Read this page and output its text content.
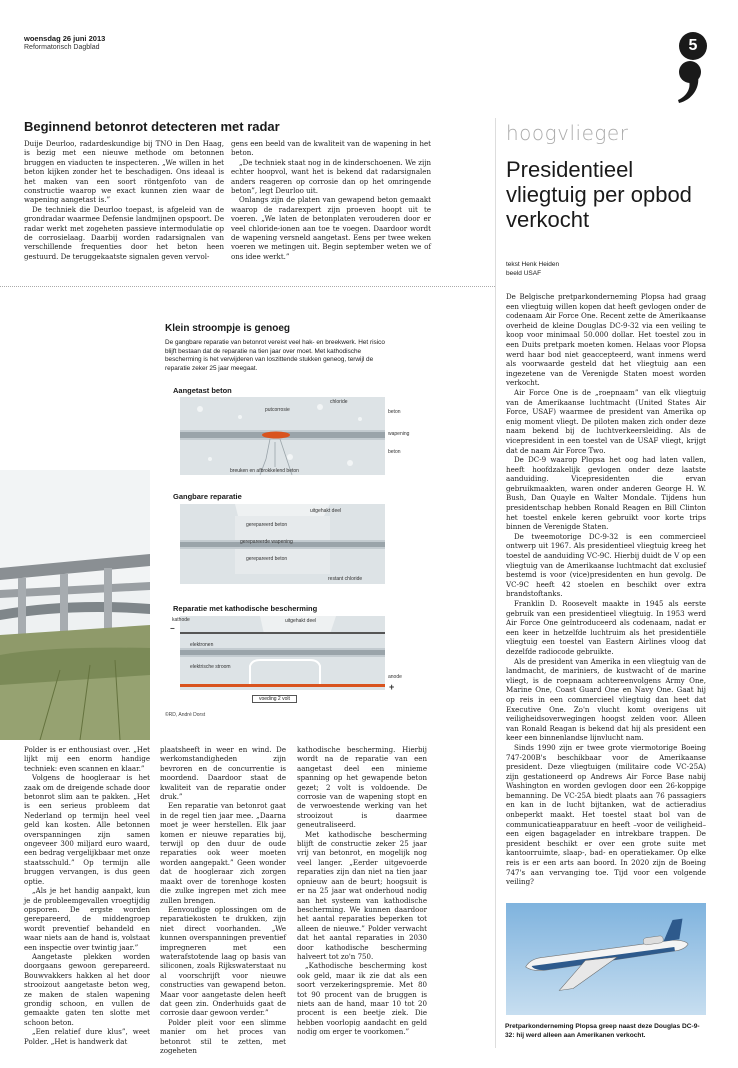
woensdag 26 juni 2013
Reformatorisch Dagblad	5
Beginnend betonrot detecteren met radar

Duije Deurloo, radardeskundige bij TNO in Den Haag, is bezig met een nieuwe methode om betonnen bruggen en viaducten te inspecteren. „We willen in het beton kijken zonder het te beschadigen. Ons ideaal is het maken van een soort röntgenfoto van de constructie waarop we exact kunnen zien waar de wapening aangetast is.”

De techniek die Deurloo toepast, is afgeleid van de grondradar waarmee Defensie landmijnen opspoort. De radar werkt met zogeheten passieve intermodulatie op de corrosielaag. Daarbij worden radarsignalen van verschillende frequenties door het beton heen gestuurd. De teruggekaatste signalen geven vervol-

gens een beeld van de kwaliteit van de wapening in het beton.

„De techniek staat nog in de kinderschoenen. We zijn echter hoopvol, want het is bekend dat radarsignalen anders reageren op corrosie dan op het omringende beton”, legt Deurloo uit.

Onlangs zijn de platen van gewapend beton gemaakt waarop de radarexpert zijn proeven hoopt uit te voeren. „We laten de betonplaten verouderen door er veel chloride-ionen aan toe te voegen. Daardoor wordt de wapening versneld aangetast. Eens per twee weken voeren we metingen uit. Begin september weten we of ons idee werkt.”

hoogvlieger
Presidentieel vliegtuig per opbod verkocht
tekst Henk Heiden
beeld USAF

De Belgische pretparkonderneming Plopsa had graag een vliegtuig willen kopen dat heeft gevlogen onder de codenaam Air Force One. Recent zette de Amerikaanse overheid de kleine Douglas DC-9-32 via een veiling te koop voor minimaal 50.000 dollar. Het toestel zou in een Duits pretpark moeten komen. Helaas voor Plopsa werd haar bod niet geaccepteerd, want inmens werd als voorwaarde gesteld dat het vliegtuig aan een ingezetene van de Verenigde Staten moest worden verkocht.

Air Force One is de „roepnaam” van elk vliegtuig van de Amerikaanse luchtmacht (United States Air Force, USAF) waarmee de president van Amerika op enig moment vliegt. De piloten maken zich onder deze naam bekend bij de luchtverkeersleiding. Als de vicepresident in een toestel van de USAF vliegt, krijgt dat de naam Air Force Two.

De DC-9 waarop Plopsa het oog had laten vallen, heeft hoofdzakelijk gevlogen onder deze laatste aanduiding. Vicepresidenten die ervan gebruikmaakten, waren onder anderen George H. W. Bush, Dan Quayle en Walter Mondale. Tijdens hun presidentschap hebben Ronald Reagen en Bill Clinton het toestel enkele keren gebruikt voor korte trips binnen de Verenigde Staten.

De tweemotorige DC-9-32 is een commercieel ontwerp uit 1967. Als presidentieel vliegtuig kreeg het toestel de aanduiding VC-9C. Hierbij duidt de V op een vliegtuig van de Amerikaanse luchtmacht dat exclusief bestemd is voor (vice)presidenten en hun gevolg. De VC-9C heeft 42 stoelen en beschikt over extra brandstoftanks.

Franklin D. Roosevelt maakte in 1945 als eerste gebruik van een presidentieel vliegtuig. In 1953 werd Air Force One geïntroduceerd als codenaam, nadat er een keer in hetzelfde luchtruim als het presidentiële vliegtuig een toestel van Eastern Airlines vloog dat dezelfde radiocode gebruikte.

Als de president van Amerika in een vliegtuig van de landmacht, de mariniers, de kustwacht of de marine vliegt, is de roepnaam achtereenvolgens Army One, Marine One, Coast Guard One en Navy One. Gaat hij op reis in een commercieel vliegtuig dan heet dat Executive One. Zo'n vlucht komt overigens uit veiligheidsoverwegingen hoogst zelden voor. Alleen van Ronald Reagan is bekend dat hij als president een keer een binnenlandse lijnvlucht nam.

Sinds 1990 zijn er twee grote viermotorige Boeing 747-200B's beschikbaar voor de Amerikaanse president. Deze vliegtuigen (militaire code VC-25A) zijn gestationeerd op Andrews Air Force Base nabij Washington en worden gevlogen door een 26-koppige bemanning. De VC-25A biedt plaats aan 76 passagiers en kan in de lucht bijtanken, wat de actieradius onbeperkt maakt. Het toestel staat bol van de communicatieapparatuur en heeft –voor de veiligheid– een eigen bagagelader en intrekbare trappen. De president beschikt er over een grote suite met kantoorruimte, slaap-, bad- en operatiekamer. Op elke reis is er een arts aan boord. In 2020 zijn de Boeing 747's aan vervanging toe. Tijd voor een volgende veiling?

Pretparkonderneming Plopsa greep naast deze Douglas DC-9-32: hij werd alleen aan Amerikanen verkocht.
Klein stroompje is genoeg
De gangbare reparatie van betonrot vereist veel hak- en breekwerk. Het risico blijft bestaan dat de reparatie na tien jaar over moet. Met kathodische bescherming is het verwijderen van loszittende stukken geneog, terwijl de reparatie zeker 25 jaar meegaat.
Aangetast beton
putcorrosie
chloride
beton
wapening
beton
breuken en afbrokkelend beton
Gangbare reparatie
uitgehakt deel
gerepareerd beton
gerepareerde wapening
gerepareerd beton
restant chloride
Reparatie met kathodische bescherming
kathode	uitgehakt deel
elektronen
elektrische stroom
anode
−
+
voeding 2 volt
©RD, André Dorst

Polder is er enthousiast over. „Het lijkt mij een enorm handige techniek: even scannen en klaar.”

Volgens de hoogleraar is het zaak om de dreigende schade door betonrot slim aan te pakken. „Het is een serieus probleem dat Nederland op termijn heel veel geld kan kosten. Alle betonnen overspanningen zijn samen ongeveer 300 miljard euro waard, een bedrag vergelijkbaar met onze staatsschuld.” Op termijn alle bruggen vervangen, is dus geen optie.

„Als je het handig aanpakt, kun je de probleemgevallen vroegtijdig opsporen. De ergste worden gerepareerd, de middengroep wordt preventief behandeld en waar niets aan de hand is, volstaat een inspectie over twintig jaar.”

Aangetaste plekken worden doorgaans gewoon gerepareerd. Bouwvakkers hakken al het door strooizout aangetaste beton weg, ze maken de stalen wapening grondig schoon, en vullen de gemaakte gaten ten slotte met schoon beton.

„Een relatief dure klus”, weet Polder. „Het is handwerk dat

plaatsheeft in weer en wind. De werkomstandigheden zijn bevroren en de concurrentie is moordend. Daardoor staat de kwaliteit van de reparatie onder druk.”

Een reparatie van betonrot gaat in de regel tien jaar mee. „Daarna moet je weer herstellen. Elk jaar komen er nieuwe reparaties bij, terwijl op den duur de oude reparaties ook weer moeten worden aangepakt.” Geen wonder dat de hoogleraar zich zorgen maakt over de torenhoge kosten die zulke ingrepen met zich mee zullen brengen.

Eenvoudige oplossingen om de reparatiekosten te drukken, zijn niet direct voorhanden. „We kunnen overspanningen preventief impregneren met een waterafstotende laag op basis van siliconen, zoals Rijkswaterstaat nu al voorschrijft voor nieuwe constructies van gewapend beton. Maar voor aangetaste delen heeft dat geen zin. Onderhuids gaat de corrosie daar gewoon verder.”

Polder pleit voor een slimme manier om het proces van betonrot stil te zetten, met zogeheten

kathodische bescherming. Hierbij wordt na de reparatie van een aangetast deel een minieme spanning op het gewapende beton gezet; 2 volt is voldoende. De corrosie van de wapening stopt en de verwoestende werking van het strooizout is daarmee geneutraliseerd.

Met kathodische bescherming blijft de constructie zeker 25 jaar vrij van betonrot, en mogelijk nog veel langer. „Eerder uitgevoerde reparaties zijn dan niet na tien jaar opnieuw aan de beurt; hoogsuit is er na 25 jaar wat onderhoud nodig aan het systeem van kathodische bescherming. We kunnen daardoor het aantal reparaties beperken tot alleen de nieuwe.” Polder verwacht dat het aantal reparaties in 2030 door kathodische bescherming halveert tot zo'n 750.

„Kathodische bescherming kost ook geld, maar ik zie dat als een soort verzekeringspremie. Met 80 tot 90 procent van de bruggen is niets aan de hand, maar 10 tot 20 procent is een beetje ziek. Die hebben voorlopig aandacht en geld nodig om erger te voorkomen.”
